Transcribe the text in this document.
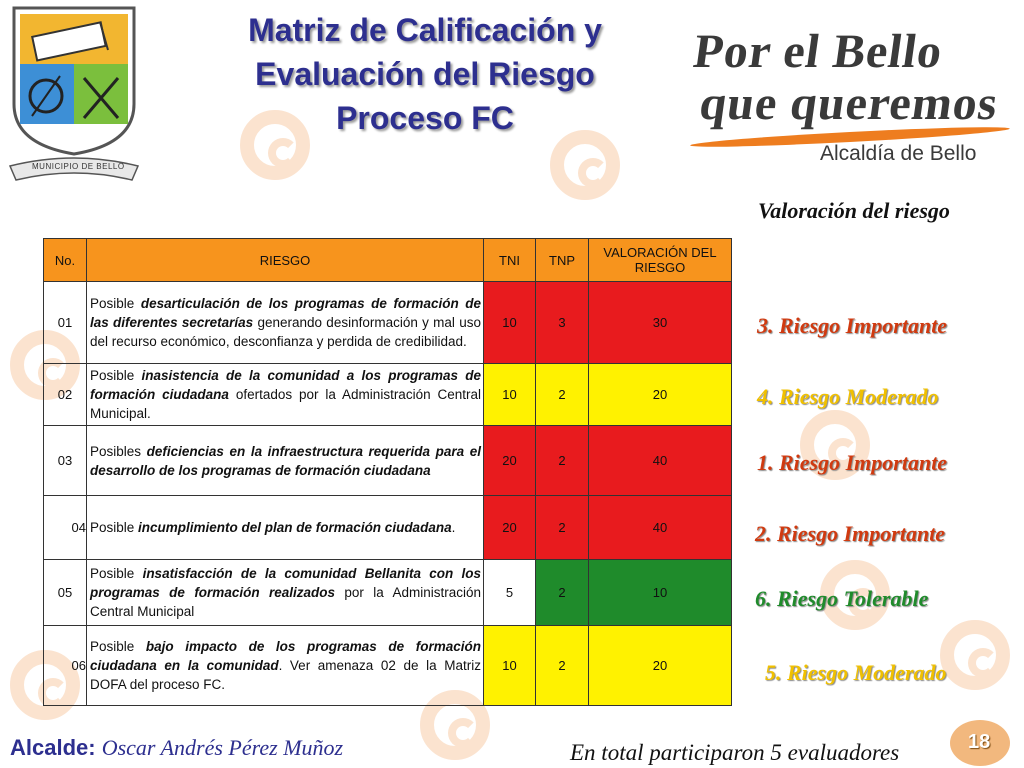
MUNICIPIO DE BELLO
Matriz de Calificación y
Evaluación del Riesgo
Proceso FC
Por el Bello
que queremos
Alcaldía de Bello
Valoración del riesgo
No.	RIESGO	TNI	TNP	VALORACIÓN DEL RIESGO
01	Posible desarticulación de los programas de formación de las diferentes secretarías generando desinformación y mal uso del recurso económico, desconfianza y perdida de credibilidad.	10	3	30
02	Posible inasistencia de la comunidad a los programas de formación ciudadana ofertados por la Administración Central Municipal.	10	2	20
03	Posibles deficiencias en la infraestructura requerida para el desarrollo de los programas de formación ciudadana	20	2	40
04	Posible incumplimiento del plan de formación ciudadana.	20	2	40
05	Posible insatisfacción de la comunidad Bellanita con los programas de formación realizados por la Administración Central Municipal	5	2	10
06	Posible bajo impacto de los programas de formación ciudadana en la comunidad. Ver amenaza 02 de la Matriz DOFA del proceso FC.	10	2	20
3. Riesgo Importante
4. Riesgo Moderado
1. Riesgo Importante
2. Riesgo Importante
6. Riesgo Tolerable
5. Riesgo Moderado
Alcalde: Oscar Andrés Pérez Muñoz	En total participaron 5 evaluadores	18
